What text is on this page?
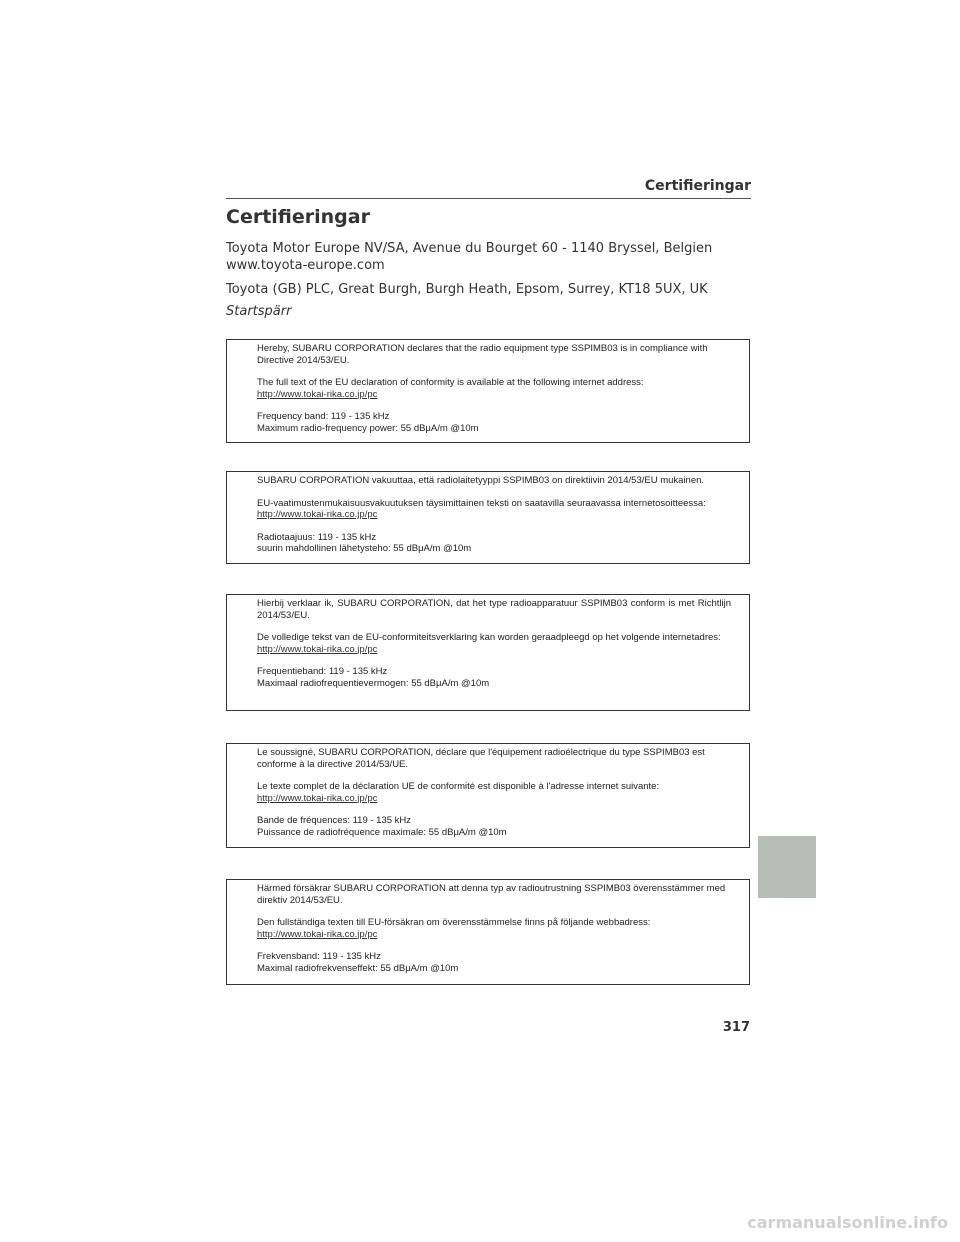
Certifieringar
Certifieringar
Toyota Motor Europe NV/SA, Avenue du Bourget 60 - 1140 Bryssel, Belgien
www.toyota-europe.com
Toyota (GB) PLC, Great Burgh, Burgh Heath, Epsom, Surrey, KT18 5UX, UK
Startspärr

Hereby, SUBARU CORPORATION declares that the radio equipment type SSPIMB03 is in compliance with Directive 2014/53/EU.

The full text of the EU declaration of conformity is available at the following internet address:

http://www.tokai-rika.co.jp/pc

Frequency band: 119 - 135 kHz

Maximum radio-frequency power: 55 dBμA/m @10m

SUBARU CORPORATION vakuuttaa, että radiolaitetyyppi SSPIMB03 on direktiivin 2014/53/EU mukainen.

EU-vaatimustenmukaisuusvakuutuksen täysimittainen teksti on saatavilla seuraavassa internetosoitteessa:

http://www.tokai-rika.co.jp/pc

Radiotaajuus: 119 - 135 kHz

suurin mahdollinen lähetysteho: 55 dBμA/m @10m

Hierbij verklaar ik, SUBARU CORPORATION, dat het type radioapparatuur SSPIMB03 conform is met Richtlijn 2014/53/EU.

De volledige tekst van de EU-conformiteitsverklaring kan worden geraadpleegd op het volgende internetadres:

http://www.tokai-rika.co.jp/pc

Frequentieband: 119 - 135 kHz

Maximaal radiofrequentievermogen: 55 dBμA/m @10m

Le soussigné, SUBARU CORPORATION, déclare que l'équipement radioélectrique du type SSPIMB03 est conforme à la directive 2014/53/UE.

Le texte complet de la déclaration UE de conformité est disponible à l'adresse internet suivante:

http://www.tokai-rika.co.jp/pc

Bande de fréquences: 119 - 135 kHz

Puissance de radiofréquence maximale: 55 dBμA/m @10m

Härmed försäkrar SUBARU CORPORATION att denna typ av radioutrustning SSPIMB03 överensstämmer med direktiv 2014/53/EU.

Den fullständiga texten till EU-försäkran om överensstämmelse finns på följande webbadress:

http://www.tokai-rika.co.jp/pc

Frekvensband: 119 - 135 kHz

Maximal radiofrekvenseffekt: 55 dBμA/m @10m

317
carmanualsonline.info
